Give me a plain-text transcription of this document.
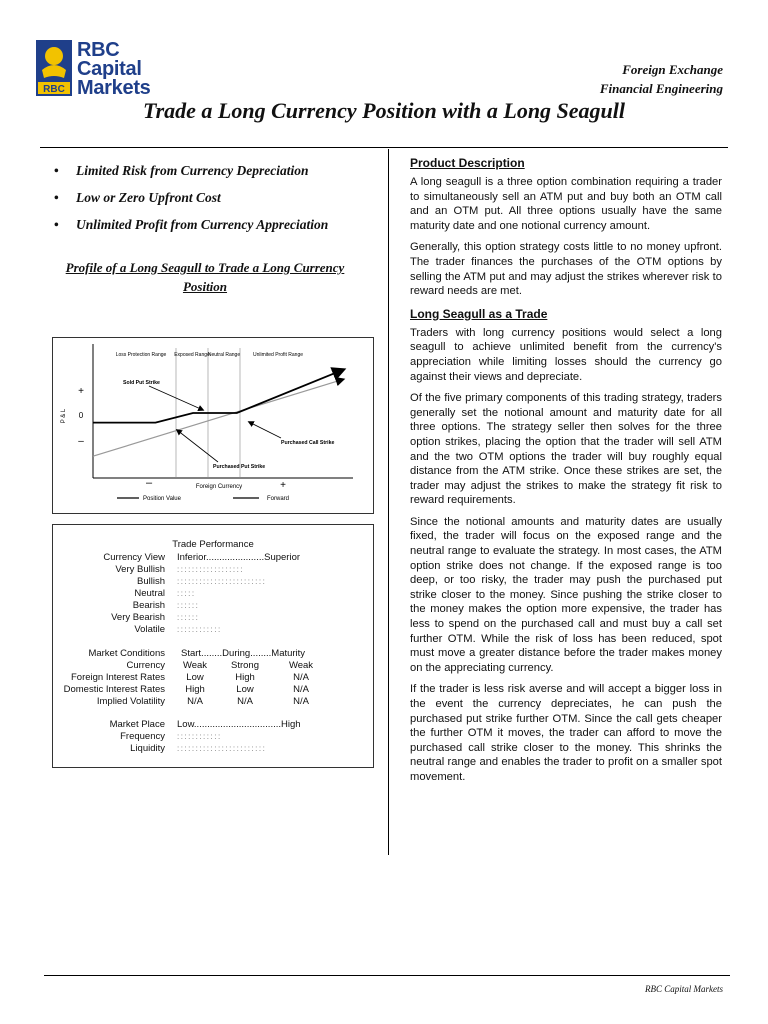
RBC
RBC
Capital
Markets
Foreign Exchange
Financial Engineering
Trade a Long Currency Position with a Long Seagull
• Limited Risk from Currency Depreciation
• Low or Zero Upfront Cost
• Unlimited Profit from Currency Appreciation
Profile of a Long Seagull to Trade a Long Currency Position
Loss Protection Range Exposed Range
Neutral Range	Unlimited Profit Range
P & L
+
0
–
Sold Put Strike
Purchased Call Strike
Purchased Put Strike
–	+
Foreign Currency
Position Value	Forward
Trade Performance
Currency View Inferior......................Superior
Very Bullish ::::::::::::::::::
Bullish ::::::::::::::::::::::::
Neutral :::::
Bearish ::::::
Very Bearish ::::::
Volatile ::::::::::::
Market Conditions Start........During........Maturity
Currency	Weak	Strong	Weak
Foreign Interest Rates	Low	High	N/A
Domestic Interest Rates	High	Low	N/A
Implied Volatility	N/A	N/A	N/A
Market Place Low.................................High
Frequency ::::::::::::
Liquidity ::::::::::::::::::::::::
Product Description

A long seagull is a three option combination requiring a trader to simultaneously sell an ATM put and buy both an OTM call and an OTM put. All three options usually have the same maturity date and one notional currency amount.

Generally, this option strategy costs little to no money upfront. The trader finances the purchases of the OTM options by selling the ATM put and may adjust the strikes wherever risk to reward needs are met.

Long Seagull as a Trade

Traders with long currency positions would select a long seagull to achieve unlimited benefit from the currency's appreciation while limiting losses should the currency go against their views and depreciate.

Of the five primary components of this trading strategy, traders generally set the notional amount and maturity date for all three options. The strategy seller then solves for the three option strikes, placing the option that the trader will sell ATM and the two OTM options the trader will buy roughly equal distance from the ATM strike. Once these strikes are set, the trader may adjust the strikes to make the strategy fit risk to reward requirements.

Since the notional amounts and maturity dates are usually fixed, the trader will focus on the exposed range and the neutral range to evaluate the strategy. In most cases, the ATM option strike does not change. If the exposed range is too deep, or too risky, the trader may push the purchased put strike closer to the money. Since pushing the strike closer to the money makes the option more expensive, the trader has less to spend on the purchased call and must buy a call set further OTM. While the risk of loss has been reduced, spot must move a greater distance before the trader makes money on the appreciating currency.

If the trader is less risk averse and will accept a bigger loss in the event the currency depreciates, he can push the purchased put strike further OTM. Since the call gets cheaper the further OTM it moves, the trader can afford to move the purchased call strike closer to the money. This shrinks the neutral range and enables the trader to profit on a smaller spot movement.

RBC Capital Markets
